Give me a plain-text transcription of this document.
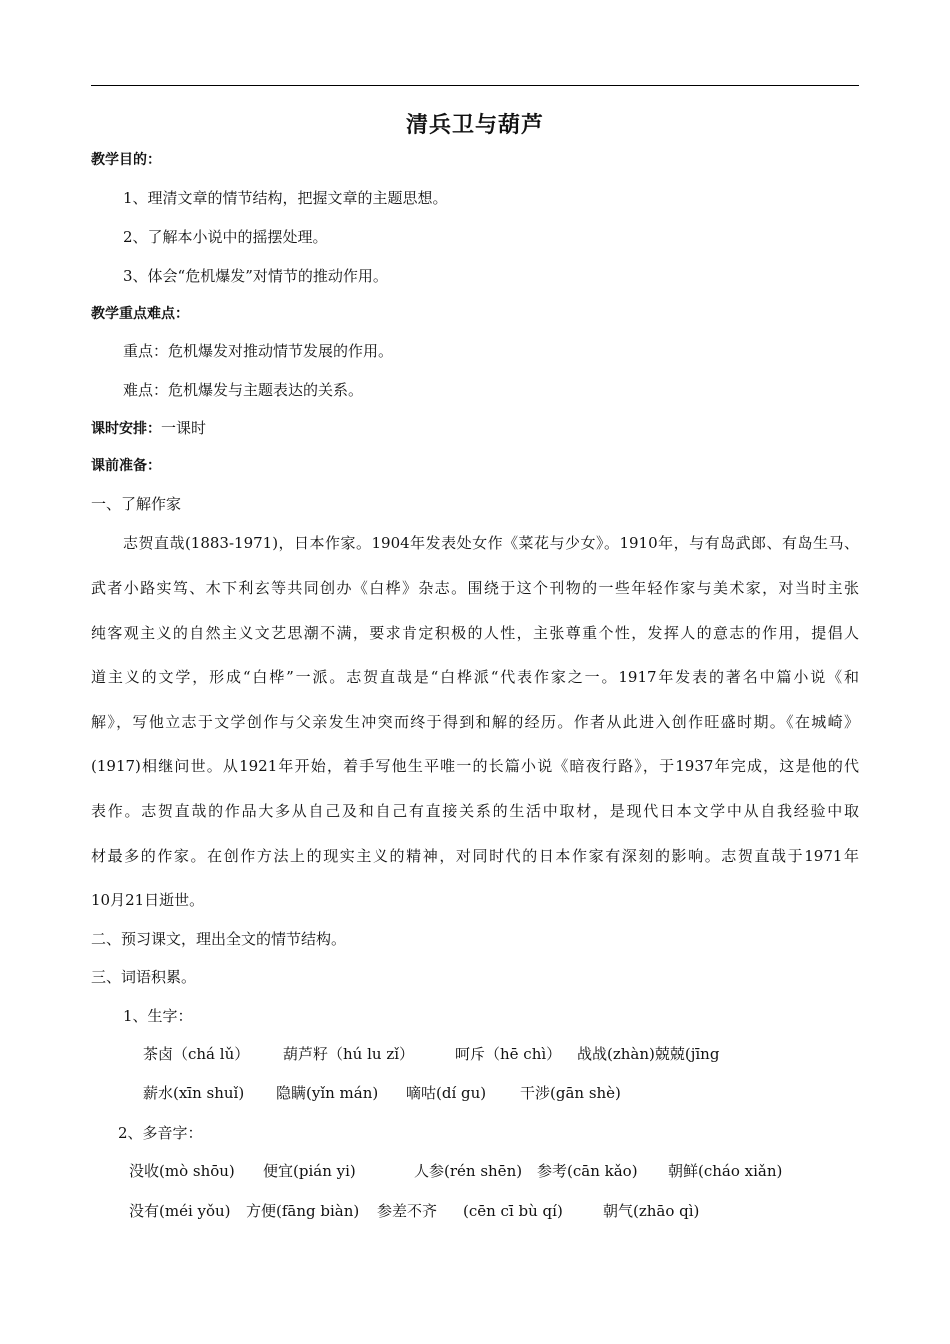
清兵卫与葫芦
教学目的：
1、理清文章的情节结构，把握文章的主题思想。
2、了解本小说中的摇摆处理。
3、体会“危机爆发”对情节的推动作用。
教学重点难点：
重点：危机爆发对推动情节发展的作用。
难点：危机爆发与主题表达的关系。
课时安排：一课时
课前准备：
一、了解作家
志贺直哉(1883-1971)，日本作家。1904年发表处女作《菜花与少女》。1910年，与有岛武郎、有岛生马、
武者小路实笃、木下利玄等共同创办《白桦》杂志。围绕于这个刊物的一些年轻作家与美术家，对当时主张
纯客观主义的自然主义文艺思潮不满，要求肯定积极的人性，主张尊重个性，发挥人的意志的作用，提倡人
道主义的文学，形成“白桦”一派。志贺直哉是“白桦派“代表作家之一。1917年发表的著名中篇小说《和
解》，写他立志于文学创作与父亲发生冲突而终于得到和解的经历。作者从此进入创作旺盛时期。《在城崎》
(1917)相继问世。从1921年开始，着手写他生平唯一的长篇小说《暗夜行路》，于1937年完成，这是他的代
表作。志贺直哉的作品大多从自己及和自己有直接关系的生活中取材，是现代日本文学中从自我经验中取
材最多的作家。在创作方法上的现实主义的精神，对同时代的日本作家有深刻的影响。志贺直哉于1971年
10月21日逝世。
二、预习课文，理出全文的情节结构。
三、词语积累。
1、生字：
茶卤（chá lǔ） 葫芦籽（hú lu zǐ）	呵斥（hē chì） 战战(zhàn)兢兢(jīng
薪水(xīn shuǐ) 隐瞒(yǐn mán) 嘀咕(dí gu) 干涉(gān shè)
2、多音字：
没收(mò shōu) 便宜(pián yi)	人参(rén shēn) 参考(cān kǎo) 朝鲜(cháo xiǎn)
没有(méi yǒu) 方便(fāng biàn) 参差不齐 (cēn cī bù qí)	朝气(zhāo qì)
